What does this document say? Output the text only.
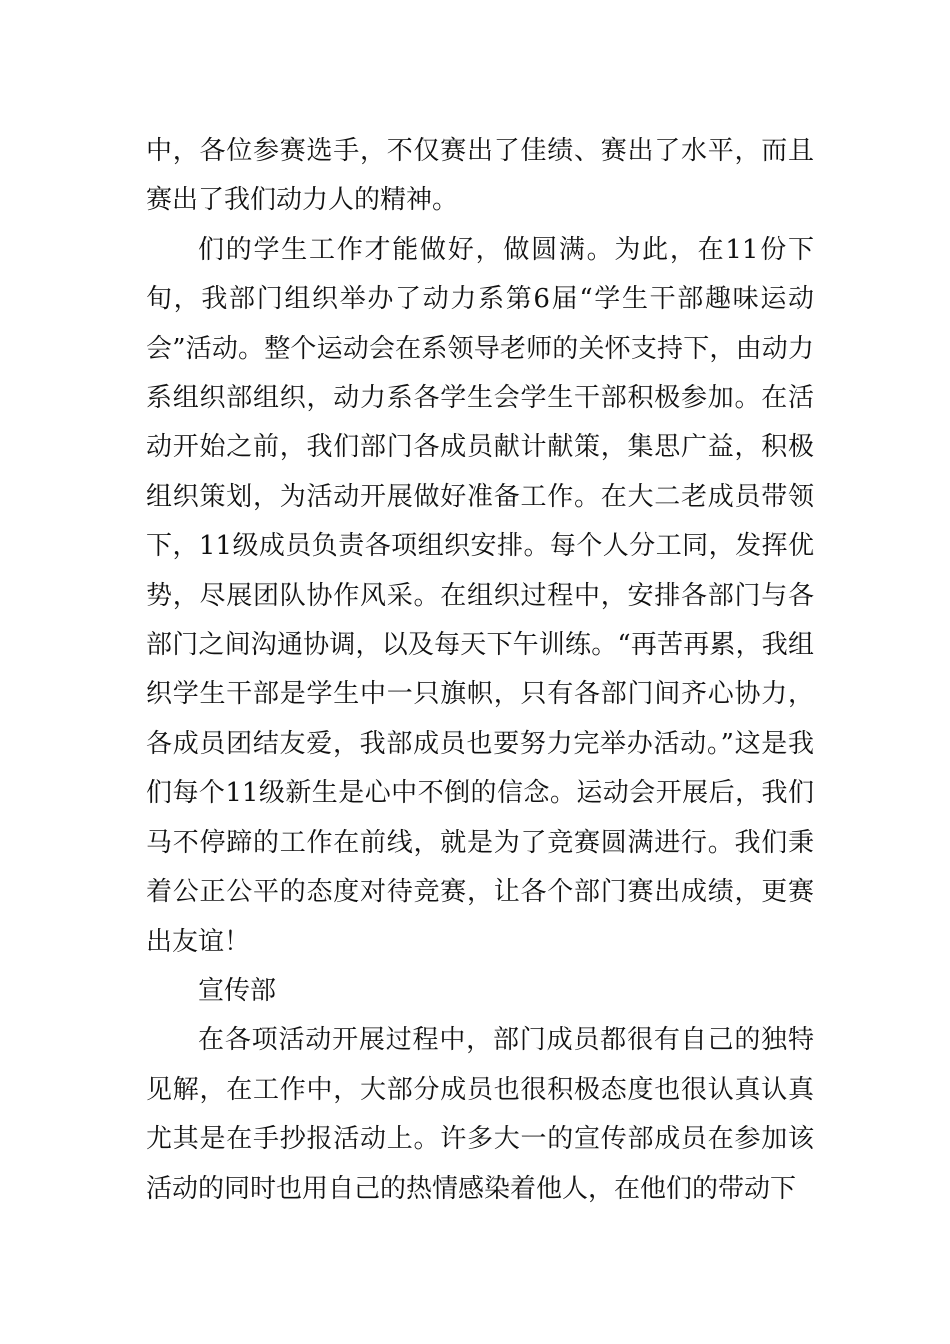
中，各位参赛选手，不仅赛出了佳绩、赛出了水平，而且赛出了我们动力人的精神。

们的学生工作才能做好，做圆满。为此，在11份下旬，我部门组织举办了动力系第6届“学生干部趣味运动会”活动。整个运动会在系领导老师的关怀支持下，由动力系组织部组织，动力系各学生会学生干部积极参加。在活动开始之前，我们部门各成员献计献策，集思广益，积极组织策划，为活动开展做好准备工作。在大二老成员带领下，11级成员负责各项组织安排。每个人分工同，发挥优势，尽展团队协作风采。在组织过程中，安排各部门与各部门之间沟通协调，以及每天下午训练。“再苦再累，我组织学生干部是学生中一只旗帜，只有各部门间齐心协力，各成员团结友爱，我部成员也要努力完举办活动。”这是我们每个11级新生是心中不倒的信念。运动会开展后，我们马不停蹄的工作在前线，就是为了竞赛圆满进行。我们秉着公正公平的态度对待竞赛，让各个部门赛出成绩，更赛出友谊！

宣传部

在各项活动开展过程中，部门成员都很有自己的独特见解，在工作中，大部分成员也很积极态度也很认真认真尤其是在手抄报活动上。许多大一的宣传部成员在参加该活动的同时也用自己的热情感染着他人，在他们的带动下
